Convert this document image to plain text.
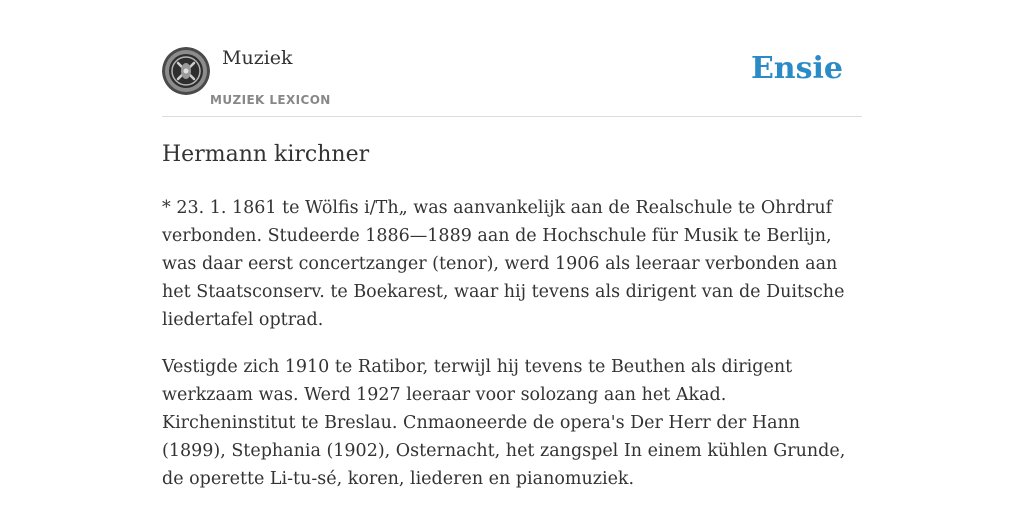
Muziek
MUZIEK LEXICON
Ensie
Hermann kirchner

* 23. 1. 1861 te Wölfis i/Th„ was aanvankelijk aan de Realschule te Ohrdruf verbonden. Studeerde 1886—1889 aan de Hochschule für Musik te Berlijn, was daar eerst concertzanger (tenor), werd 1906 als leeraar verbonden aan het Staatsconserv. te Boekarest, waar hij tevens als dirigent van de Duitsche liedertafel optrad.

Vestigde zich 1910 te Ratibor, terwijl hij tevens te Beuthen als dirigent werkzaam was. Werd 1927 leeraar voor solozang aan het Akad. Kircheninstitut te Breslau. Cnmaoneerde de opera's Der Herr der Hann (1899), Stephania (1902), Osternacht, het zangspel In einem kühlen Grunde, de operette Li-tu-sé, koren, liederen en pianomuziek.
